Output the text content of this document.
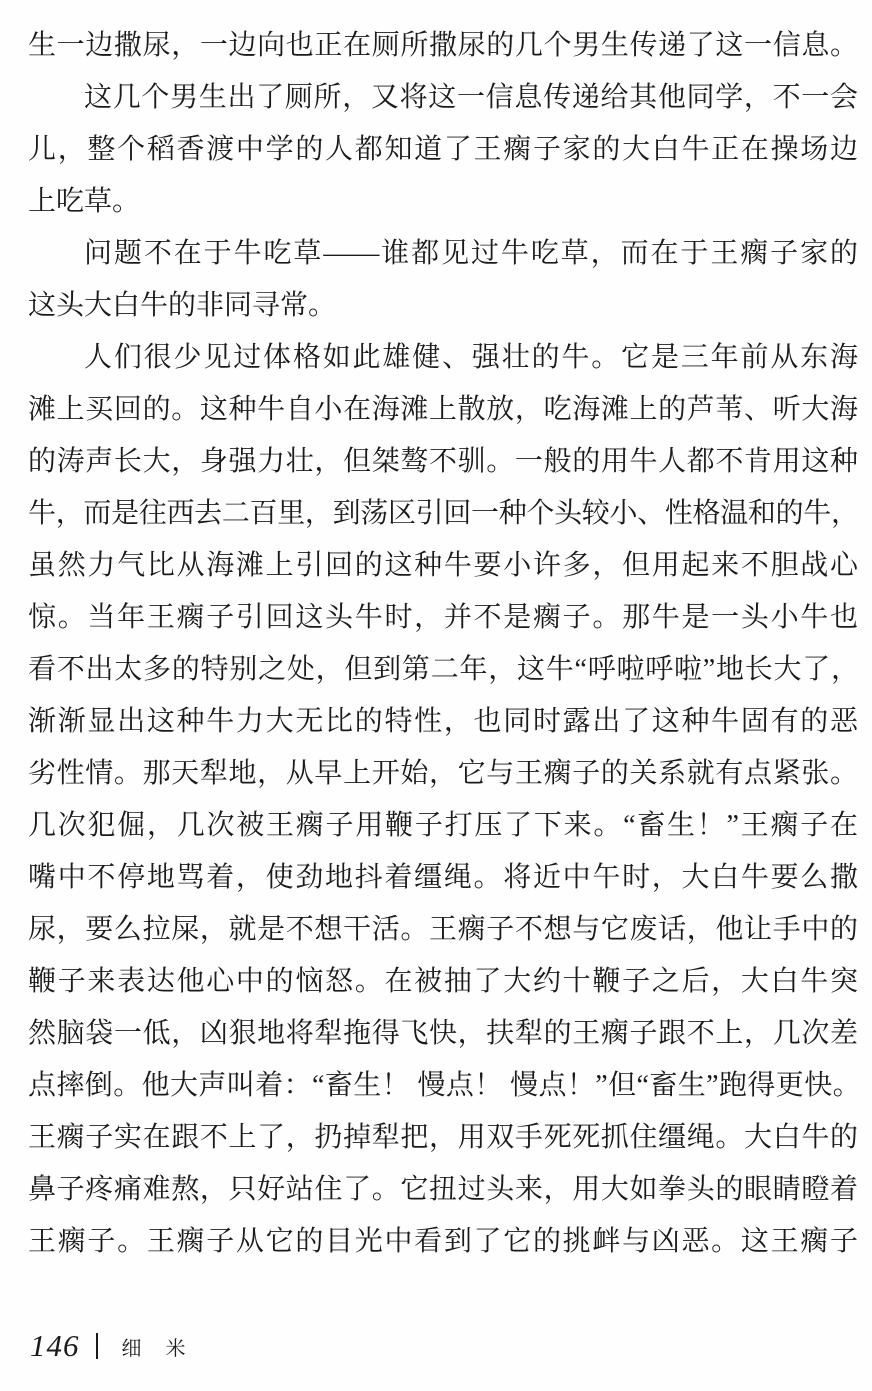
生一边撒尿，一边向也正在厕所撒尿的几个男生传递了这一信息。
这几个男生出了厕所，又将这一信息传递给其他同学，不一会
儿，整个稻香渡中学的人都知道了王瘸子家的大白牛正在操场边
上吃草。
问题不在于牛吃草——谁都见过牛吃草，而在于王瘸子家的
这头大白牛的非同寻常。
人们很少见过体格如此雄健、强壮的牛。它是三年前从东海
滩上买回的。这种牛自小在海滩上散放，吃海滩上的芦苇、听大海
的涛声长大，身强力壮，但桀骜不驯。一般的用牛人都不肯用这种
牛，而是往西去二百里，到荡区引回一种个头较小、性格温和的牛，
虽然力气比从海滩上引回的这种牛要小许多，但用起来不胆战心
惊。当年王瘸子引回这头牛时，并不是瘸子。那牛是一头小牛也
看不出太多的特别之处，但到第二年，这牛“呼啦呼啦”地长大了，
渐渐显出这种牛力大无比的特性，也同时露出了这种牛固有的恶
劣性情。那天犁地，从早上开始，它与王瘸子的关系就有点紧张。
几次犯倔，几次被王瘸子用鞭子打压了下来。“畜生！”王瘸子在
嘴中不停地骂着，使劲地抖着缰绳。将近中午时，大白牛要么撒
尿，要么拉屎，就是不想干活。王瘸子不想与它废话，他让手中的
鞭子来表达他心中的恼怒。在被抽了大约十鞭子之后，大白牛突
然脑袋一低，凶狠地将犁拖得飞快，扶犁的王瘸子跟不上，几次差
点摔倒。他大声叫着：“畜生！ 慢点！ 慢点！”但“畜生”跑得更快。
王瘸子实在跟不上了，扔掉犁把，用双手死死抓住缰绳。大白牛的
鼻子疼痛难熬，只好站住了。它扭过头来，用大如拳头的眼睛瞪着
王瘸子。王瘸子从它的目光中看到了它的挑衅与凶恶。这王瘸子
146 细　米
